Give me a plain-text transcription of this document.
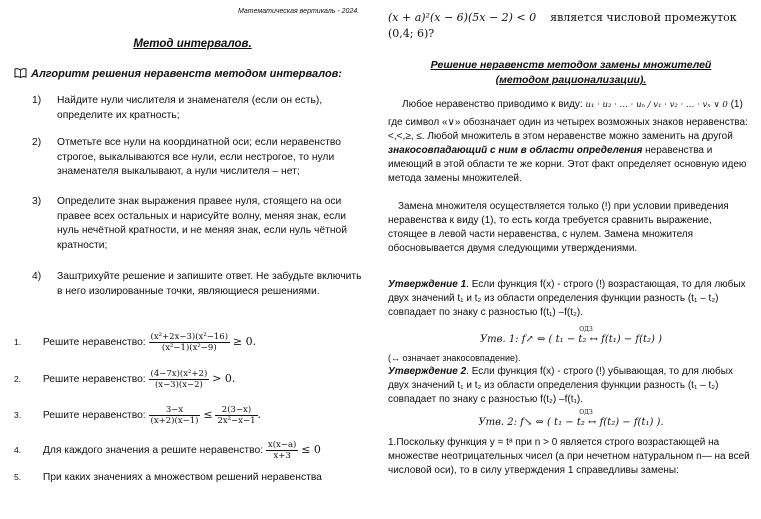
Математическая вертикаль - 2024.
Метод интервалов.
Алгоритм решения неравенств методом интервалов:
1) Найдите нули числителя и знаменателя (если он есть), определите их кратность;
2) Отметьте все нули на координатной оси; если неравенство строгое, выкалываются все нули, если нестрогое, то нули знаменателя выкалывают, а нули числителя – нет;
3) Определите знак выражения правее нуля, стоящего на оси правее всех остальных и нарисуйте волну, меняя знак, если нуль нечётной кратности, и не меняя знак, если нуль чётной кратности;
4) Заштрихуйте решение и запишите ответ. Не забудьте включить в него изолированные точки, являющиеся решениями.
1. Решите неравенство: $\frac{\text{(x²+2x−3)(x²−16)}}{\text{(x²−1)(x²−9)}} \ge 0$.
2. Решите неравенство: $\frac{\text{(4−7x)(x²+2)}}{(x-3)(x-2)} > 0$.
3. Решите неравенство: $\frac{3-x}{(x+2)(x-1)} \le \frac{2(3-x)}{\text{2x²−x−1}}$ .
4. Для каждого значения a решите неравенство: $\frac{x(x-a)}{x+3} \le 0$
5. При каких значениях a множеством решений неравенства
(x + a)²(x − 6)(5x − 2) < 0 является числовой промежуток
(0,4; 6)?
Решение неравенств методом замены множителей
(методом рационализации).
Любое неравенство приводимо к виду: u₁ · u₂ · … · uₙ / v₁ · v₂ · … · vₙ ∨ 0 (1)
где символ «∨» обозначает один из четырех возможных знаков неравенства: <,<,≥, ≤. Любой множитель в этом неравенстве можно заменить на другой знакосовпадающий с ним в области определения неравенства и имеющий в этой области те же корни. Этот факт определяет основную идею метода замены множителей.
Замена множителя осуществляется только (!) при условии приведения неравенства к виду (1), то есть когда требуется сравнить выражение, стоящее в левой части неравенства, с нулем. Замена множителя обосновывается двумя следующими утверждениями.
Утверждение 1. Если функция f(x) - строго (!) возрастающая, то для любых двух значений t₁ и t₂ из области определения функции разность (t₁ – t₂) совпадает по знаку с разностью f(t₁) –f(t₂).
ОДЗ
Утв. 1: f↗ ⇔ ( t₁ − t₂ ↔ f(t₁) − f(t₂) )
(↔ означает знакосовпадение).
Утверждение 2. Если функция f(x) - строго (!) убывающая, то для любых двух значений t₁ и t₂ из области определения функции разность (t₁ – t₂) совпадает по знаку с разностью f(t₂) –f(t₁).
ОДЗ
Утв. 2: f↘ ⇔ ( t₁ − t₂ ↔ f(t₂) − f(t₁) ).
1.Поскольку функция y = tᵃ при n > 0 является строго возрастающей на множестве неотрицательных чисел (а при нечетном натуральном n— на всей числовой оси), то в силу утверждения 1 справедливы замены:
